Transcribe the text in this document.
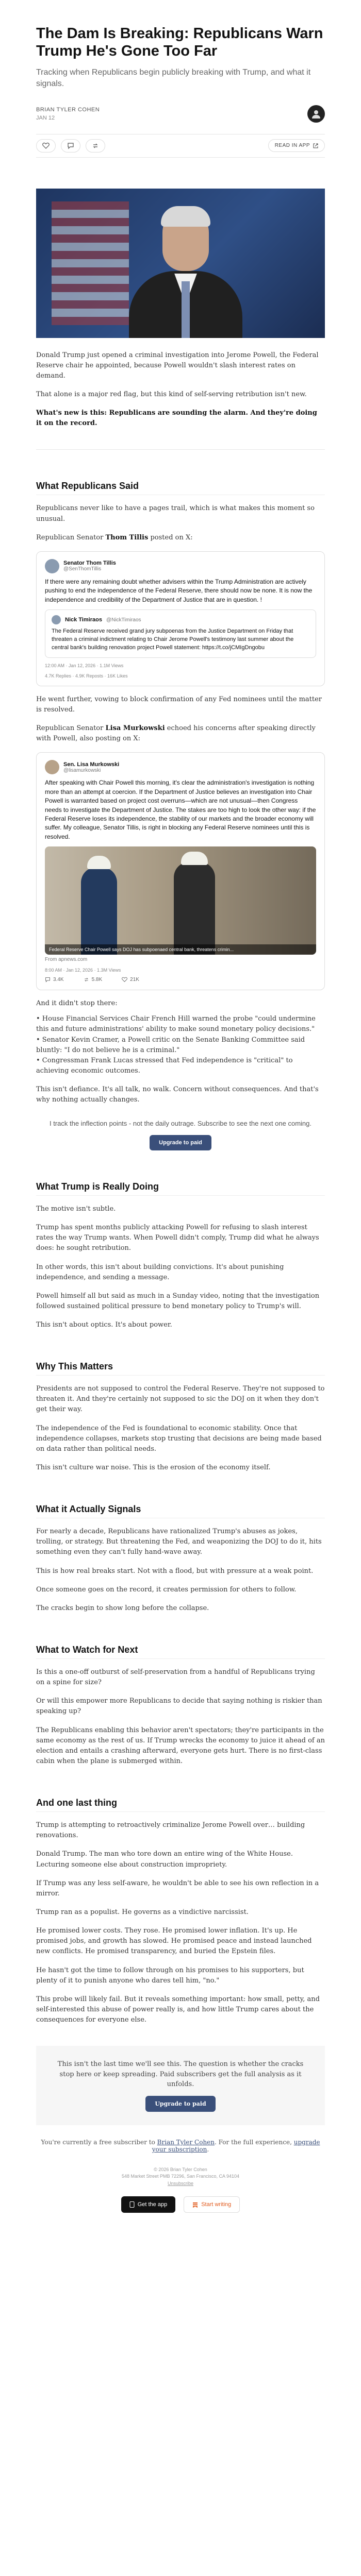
The Dam Is Breaking: Republicans Warn Trump He's Gone Too Far
Tracking when Republicans begin publicly breaking with Trump, and what it signals.
BRIAN TYLER COHEN
JAN 12
READ IN APP

Donald Trump just opened a criminal investigation into Jerome Powell, the Federal Reserve chair he appointed, because Powell wouldn't slash interest rates on demand.

That alone is a major red flag, but this kind of self-serving retribution isn't new.

What's new is this: Republicans are sounding the alarm. And they're doing it on the record.

What Republicans Said

Republicans never like to have a pages trail, which is what makes this moment so unusual.

Republican Senator Thom Tillis posted on X:

Senator Thom Tillis
@SenThomTillis
If there were any remaining doubt whether advisers within the Trump Administration are actively pushing to end the independence of the Federal Reserve, there should now be none. It is now the independence and credibility of the Department of Justice that are in question. !
Nick Timiraos @NickTimiraos
The Federal Reserve received grand jury subpoenas from the Justice Department on Friday that threaten a criminal indictment relating to Chair Jerome Powell's testimony last summer about the central bank's building renovation project Powell statement: https://t.co/jCMIgDngobu
12:00 AM · Jan 12, 2026 · 1.1M Views
4.7K Replies · 4.9K Reposts · 16K Likes

He went further, vowing to block confirmation of any Fed nominees until the matter is resolved.

Republican Senator Lisa Murkowski echoed his concerns after speaking directly with Powell, also posting on X:

Sen. Lisa Murkowski
@lisamurkowski
After speaking with Chair Powell this morning, it's clear the administration's investigation is nothing more than an attempt at coercion. If the Department of Justice believes an investigation into Chair Powell is warranted based on project cost overruns—which are not unusual—then Congress needs to investigate the Department of Justice. The stakes are too high to look the other way: if the Federal Reserve loses its independence, the stability of our markets and the broader economy will suffer. My colleague, Senator Tillis, is right in blocking any Federal Reserve nominees until this is resolved.
Federal Reserve Chair Powell says DOJ has subpoenaed central bank, threatens crimin...
From apnews.com
8:00 AM · Jan 12, 2026 · 1.3M Views
3.4K	5.8K	21K

And it didn't stop there:

• House Financial Services Chair French Hill warned the probe "could undermine this and future administrations' ability to make sound monetary policy decisions."
• Senator Kevin Cramer, a Powell critic on the Senate Banking Committee said bluntly: "I do not believe he is a criminal."
• Congressman Frank Lucas stressed that Fed independence is "critical" to achieving economic outcomes.

This isn't defiance. It's all talk, no walk. Concern without consequences. And that's why nothing actually changes.

I track the inflection points - not the daily outrage. Subscribe to see the next one coming.
Upgrade to paid
What Trump is Really Doing

The motive isn't subtle.

Trump has spent months publicly attacking Powell for refusing to slash interest rates the way Trump wants. When Powell didn't comply, Trump did what he always does: he sought retribution.

In other words, this isn't about building convictions. It's about punishing independence, and sending a message.

Powell himself all but said as much in a Sunday video, noting that the investigation followed sustained political pressure to bend monetary policy to Trump's will.

This isn't about optics. It's about power.

Why This Matters

Presidents are not supposed to control the Federal Reserve. They're not supposed to threaten it. And they're certainly not supposed to sic the DOJ on it when they don't get their way.

The independence of the Fed is foundational to economic stability. Once that independence collapses, markets stop trusting that decisions are being made based on data rather than political needs.

This isn't culture war noise. This is the erosion of the economy itself.

What it Actually Signals

For nearly a decade, Republicans have rationalized Trump's abuses as jokes, trolling, or strategy. But threatening the Fed, and weaponizing the DOJ to do it, hits something even they can't fully hand-wave away.

This is how real breaks start. Not with a flood, but with pressure at a weak point.

Once someone goes on the record, it creates permission for others to follow.

The cracks begin to show long before the collapse.

What to Watch for Next

Is this a one-off outburst of self-preservation from a handful of Republicans trying on a spine for size?

Or will this empower more Republicans to decide that saying nothing is riskier than speaking up?

The Republicans enabling this behavior aren't spectators; they're participants in the same economy as the rest of us. If Trump wrecks the economy to juice it ahead of an election and entails a crashing afterward, everyone gets hurt. There is no first-class cabin when the plane is submerged within.

And one last thing

Trump is attempting to retroactively criminalize Jerome Powell over… building renovations.

Donald Trump. The man who tore down an entire wing of the White House. Lecturing someone else about construction impropriety.

If Trump was any less self-aware, he wouldn't be able to see his own reflection in a mirror.

Trump ran as a populist. He governs as a vindictive narcissist.

He promised lower costs. They rose. He promised lower inflation. It's up. He promised jobs, and growth has slowed. He promised peace and instead launched new conflicts. He promised transparency, and buried the Epstein files.

He hasn't got the time to follow through on his promises to his supporters, but plenty of it to punish anyone who dares tell him, "no."

This probe will likely fail. But it reveals something important: how small, petty, and self-interested this abuse of power really is, and how little Trump cares about the consequences for everyone else.

This isn't the last time we'll see this. The question is whether the cracks stop here or keep spreading. Paid subscribers get the full analysis as it unfolds.
Upgrade to paid
You're currently a free subscriber to Brian Tyler Cohen. For the full experience, upgrade your subscription.
© 2026 Brian Tyler Cohen
548 Market Street PMB 72296, San Francisco, CA 94104
Unsubscribe
Get the app	Start writing
